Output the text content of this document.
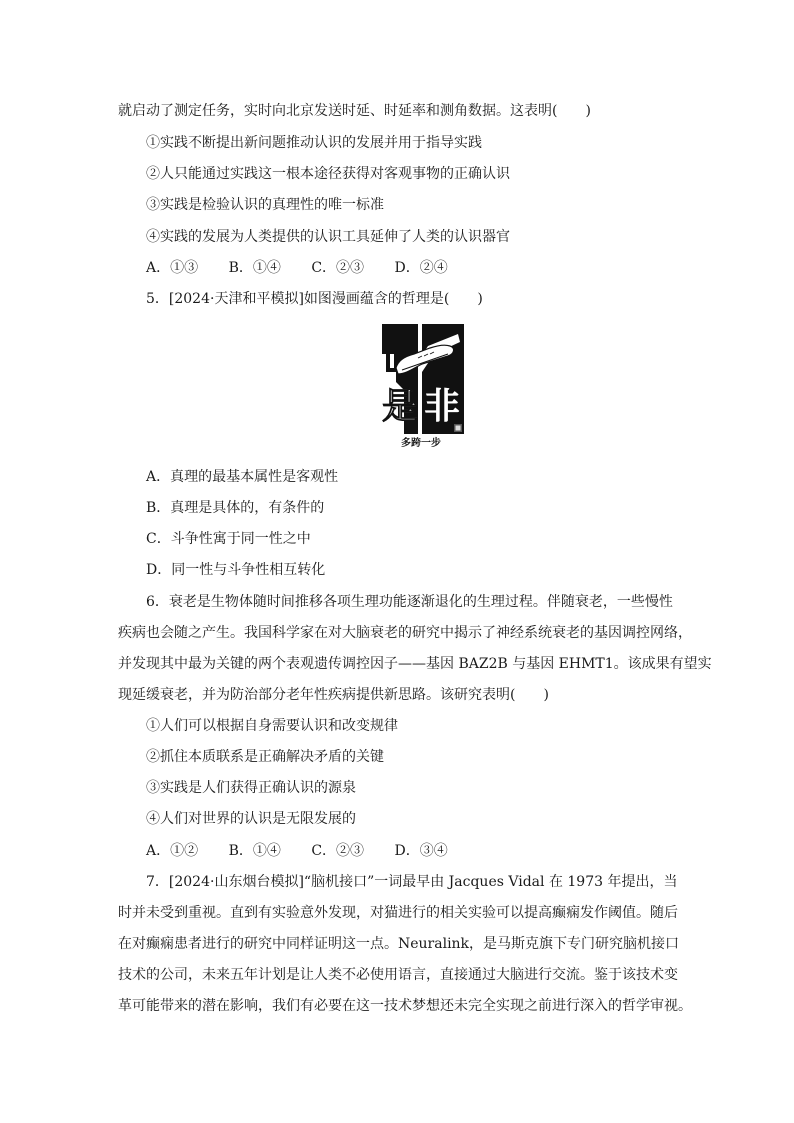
就启动了测定任务，实时向北京发送时延、时延率和测角数据。这表明(　　)
①实践不断提出新问题推动认识的发展并用于指导实践
②人只能通过实践这一根本途径获得对客观事物的正确认识
③实践是检验认识的真理性的唯一标准
④实践的发展为人类提供的认识工具延伸了人类的认识器官
A．①③ B．①④ C．②③ D．②④
5．[2024·天津和平模拟]如图漫画蕴含的哲理是(　　)
是 非
多跨一步
A．真理的最基本属性是客观性
B．真理是具体的，有条件的
C．斗争性寓于同一性之中
D．同一性与斗争性相互转化
6．衰老是生物体随时间推移各项生理功能逐渐退化的生理过程。伴随衰老，一些慢性
疾病也会随之产生。我国科学家在对大脑衰老的研究中揭示了神经系统衰老的基因调控网络，
并发现其中最为关键的两个表观遗传调控因子——基因 BAZ2B 与基因 EHMT1。该成果有望实
现延缓衰老，并为防治部分老年性疾病提供新思路。该研究表明(　　)
①人们可以根据自身需要认识和改变规律
②抓住本质联系是正确解决矛盾的关键
③实践是人们获得正确认识的源泉
④人们对世界的认识是无限发展的
A．①② B．①④ C．②③ D．③④
7．[2024·山东烟台模拟]“脑机接口”一词最早由 Jacques Vidal 在 1973 年提出，当
时并未受到重视。直到有实验意外发现，对猫进行的相关实验可以提高癫痫发作阈值。随后
在对癫痫患者进行的研究中同样证明这一点。Neuralink，是马斯克旗下专门研究脑机接口
技术的公司，未来五年计划是让人类不必使用语言，直接通过大脑进行交流。鉴于该技术变
革可能带来的潜在影响，我们有必要在这一技术梦想还未完全实现之前进行深入的哲学审视。
